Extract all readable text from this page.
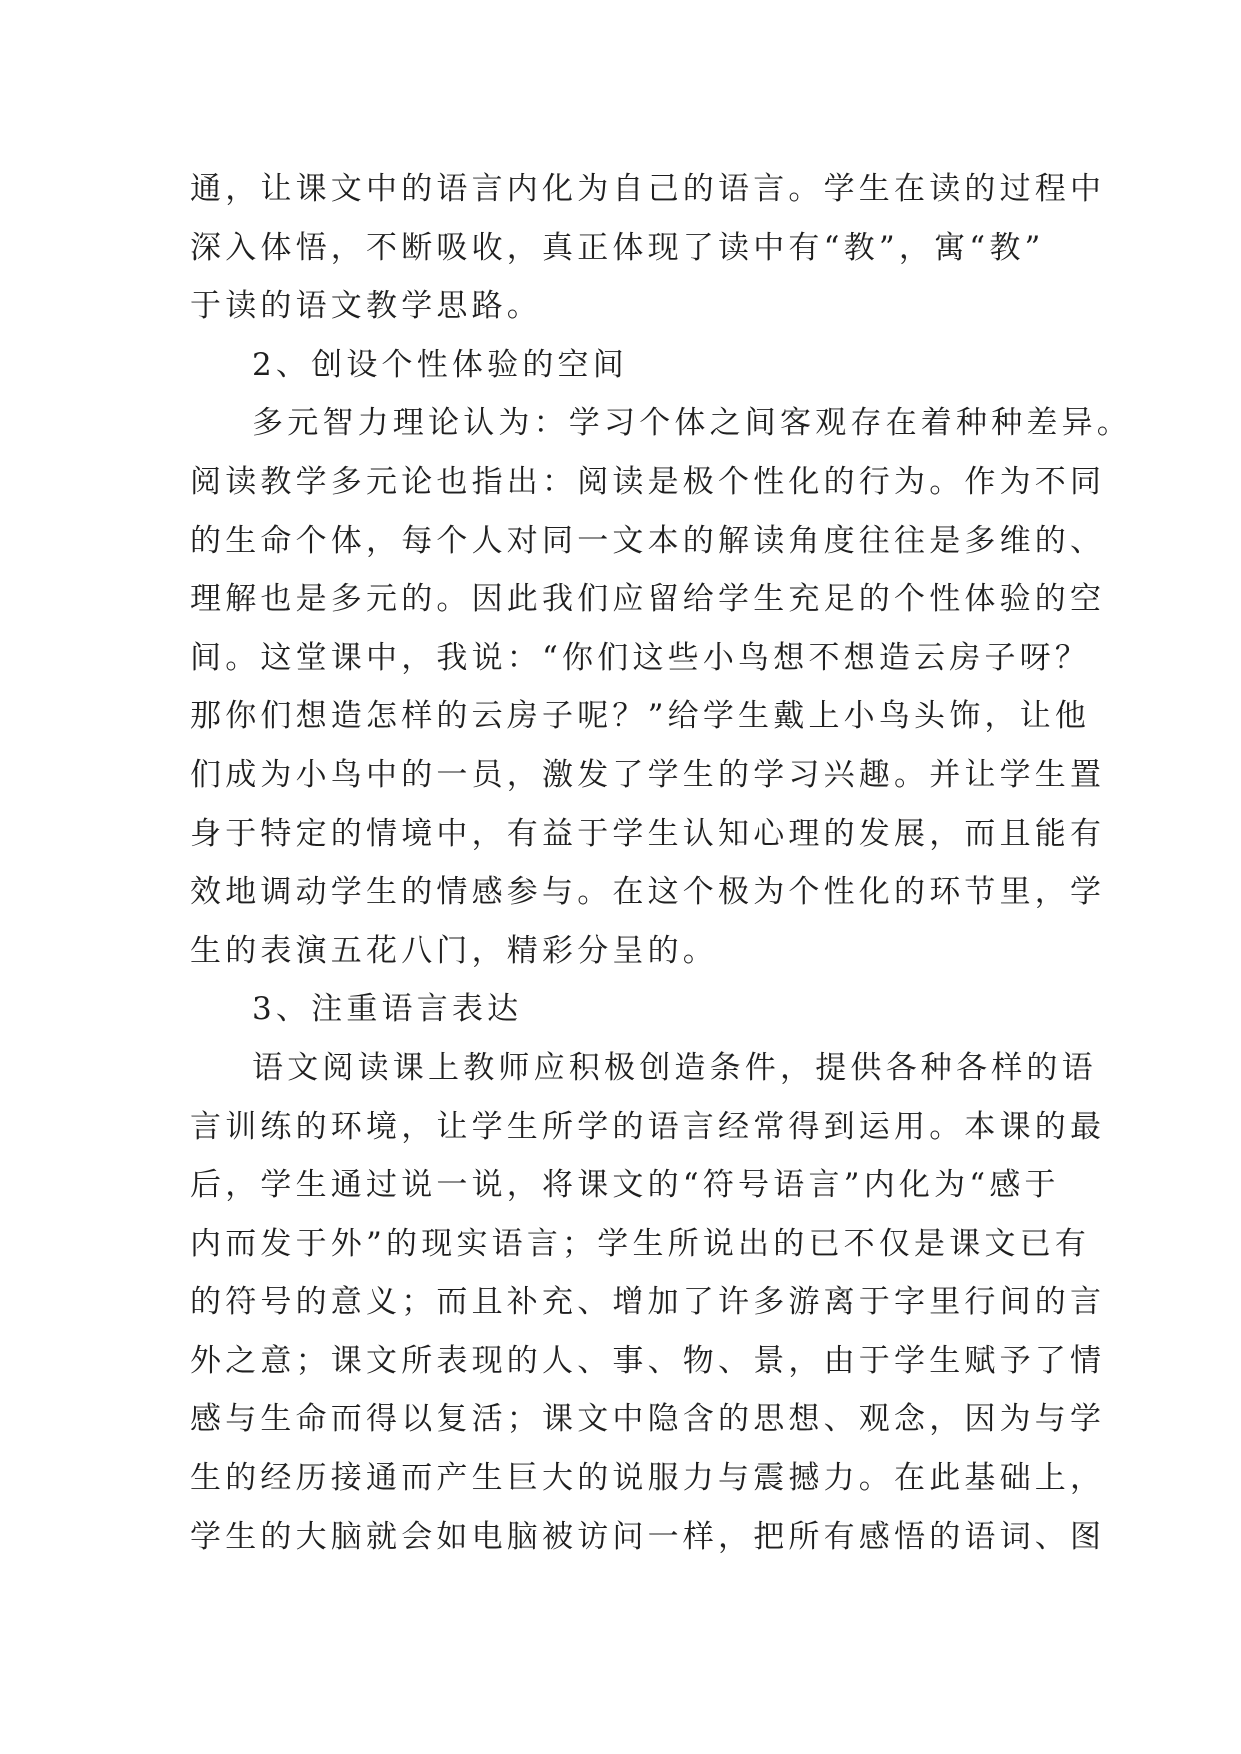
通，让课文中的语言内化为自己的语言。学生在读的过程中
深入体悟，不断吸收，真正体现了读中有“教”，寓“教”
于读的语文教学思路。
2、创设个性体验的空间
多元智力理论认为：学习个体之间客观存在着种种差异。
阅读教学多元论也指出：阅读是极个性化的行为。作为不同
的生命个体，每个人对同一文本的解读角度往往是多维的、
理解也是多元的。因此我们应留给学生充足的个性体验的空
间。这堂课中，我说：“你们这些小鸟想不想造云房子呀？
那你们想造怎样的云房子呢？”给学生戴上小鸟头饰，让他
们成为小鸟中的一员，激发了学生的学习兴趣。并让学生置
身于特定的情境中，有益于学生认知心理的发展，而且能有
效地调动学生的情感参与。在这个极为个性化的环节里，学
生的表演五花八门，精彩分呈的。
3、注重语言表达
语文阅读课上教师应积极创造条件，提供各种各样的语
言训练的环境，让学生所学的语言经常得到运用。本课的最
后，学生通过说一说，将课文的“符号语言”内化为“感于
内而发于外”的现实语言；学生所说出的已不仅是课文已有
的符号的意义；而且补充、增加了许多游离于字里行间的言
外之意；课文所表现的人、事、物、景，由于学生赋予了情
感与生命而得以复活；课文中隐含的思想、观念，因为与学
生的经历接通而产生巨大的说服力与震撼力。在此基础上，
学生的大脑就会如电脑被访问一样，把所有感悟的语词、图
